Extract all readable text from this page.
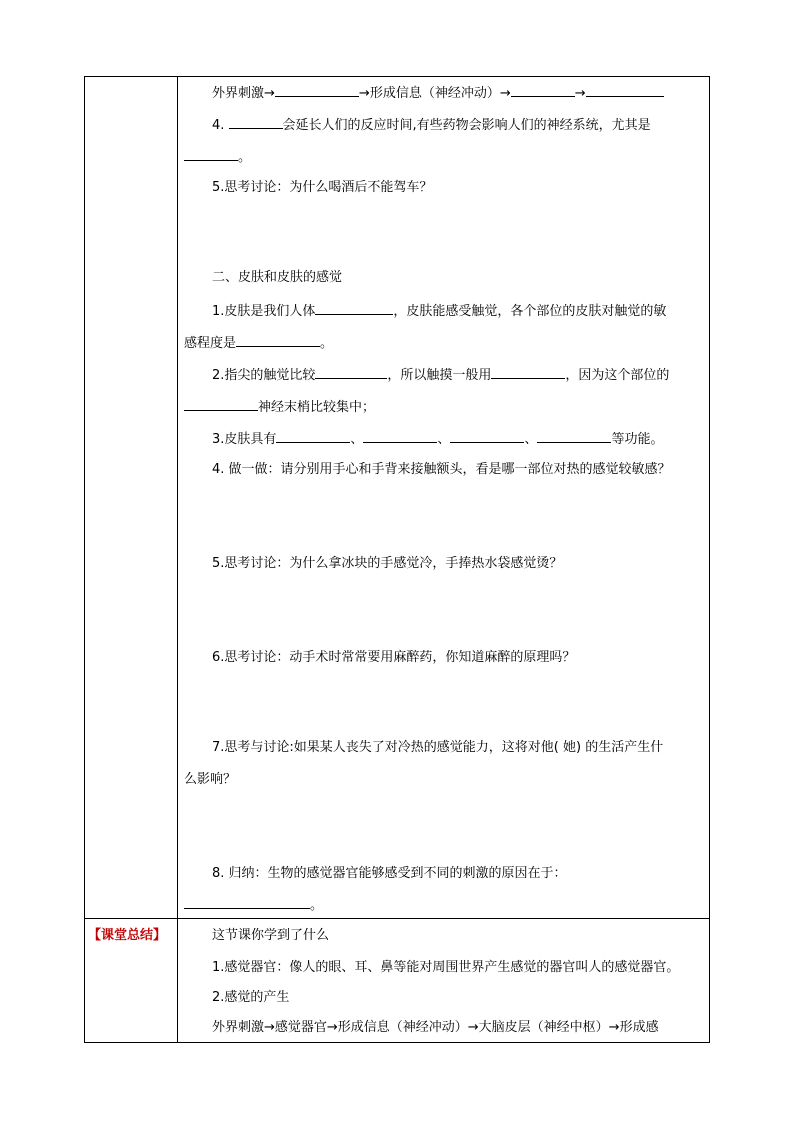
外界刺激→	→形成信息（神经冲动）→	→
4.	会延长人们的反应时间,有些药物会影响人们的神经系统，尤其是
。
5.思考讨论：为什么喝酒后不能驾车？
二、皮肤和皮肤的感觉
1.皮肤是我们人体	，皮肤能感受触觉，各个部位的皮肤对触觉的敏
感程度是	。
2.指尖的触觉比较	，所以触摸一般用	，因为这个部位的
神经末梢比较集中；
3.皮肤具有	、	、	、	等功能。
4. 做一做：请分别用手心和手背来接触额头，看是哪一部位对热的感觉较敏感？
5.思考讨论：为什么拿冰块的手感觉冷，手捧热水袋感觉烫？
6.思考讨论：动手术时常常要用麻醉药，你知道麻醉的原理吗？
7.思考与讨论:如果某人丧失了对冷热的感觉能力，这将对他( 她) 的生活产生什
么影响？
8. 归纳：生物的感觉器官能够感受到不同的刺激的原因在于：
。
【课堂总结】	这节课你学到了什么
1.感觉器官：像人的眼、耳、鼻等能对周围世界产生感觉的器官叫人的感觉器官。
2.感觉的产生
外界刺激→感觉器官→形成信息（神经冲动）→大脑皮层（神经中枢）→形成感
